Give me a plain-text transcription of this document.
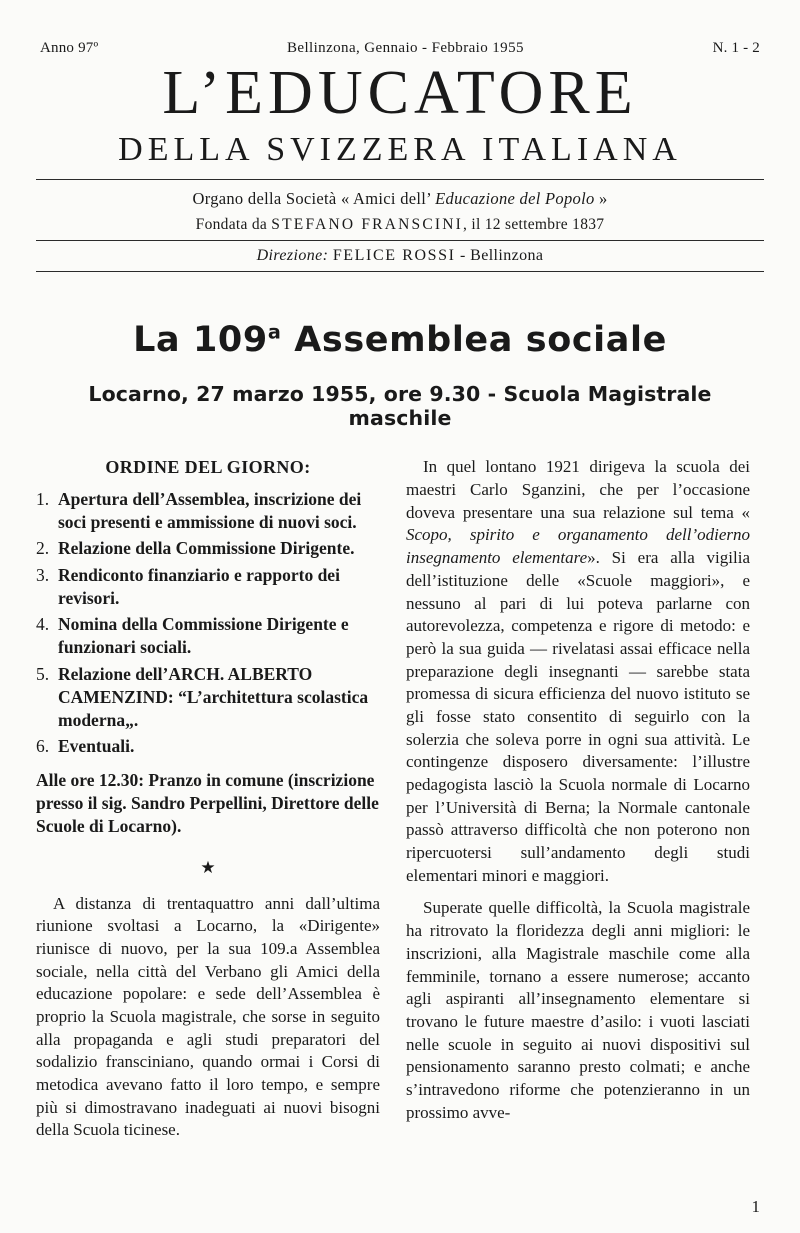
Anno 97º	Bellinzona, Gennaio - Febbraio 1955	N. 1 - 2
L’EDUCATORE
DELLA SVIZZERA ITALIANA
Organo della Società « Amici dell’ Educazione del Popolo »
Fondata da STEFANO FRANSCINI, il 12 settembre 1837
Direzione: FELICE ROSSI - Bellinzona
La 109$^a$ Assemblea sociale
Locarno, 27 marzo 1955, ore 9.30 - Scuola Magistrale maschile
ORDINE DEL GIORNO:
1. Apertura dell’Assemblea, inscrizione dei soci presenti e ammissione di nuovi soci.
2. Relazione della Commissione Dirigente.
3. Rendiconto finanziario e rapporto dei revisori.
4. Nomina della Commissione Dirigente e funzionari sociali.
5. Relazione dell’ARCH. ALBERTO CAMENZIND: “L’architettura scolastica moderna„.
6. Eventuali.
Alle ore 12.30: Pranzo in comune (inscrizione presso il sig. Sandro Perpellini, Direttore delle Scuole di Locarno).
★

A distanza di trentaquattro anni dall’ultima riunione svoltasi a Locarno, la «Dirigente» riunisce di nuovo, per la sua 109.a Assemblea sociale, nella città del Verbano gli Amici della educazione popolare: e sede dell’Assemblea è proprio la Scuola magistrale, che sorse in seguito alla propaganda e agli studi preparatori del sodalizio franscinianо, quando ormai i Corsi di metodica avevano fatto il loro tempo, e sempre più si dimostravano inadeguati ai nuovi bisogni della Scuola ticinese.

In quel lontano 1921 dirigeva la scuola dei maestri Carlo Sganzini, che per l’occasione doveva presentare una sua relazione sul tema « Scopo, spirito e organamento dell’odierno insegnamento elementare». Si era alla vigilia dell’istituzione delle «Scuole maggiori», e nessuno al pari di lui poteva parlarne con autorevolezza, competenza e rigore di metodo: e però la sua guida — rivelatasi assai efficace nella preparazione degli insegnanti — sarebbe stata promessa di sicura efficienza del nuovo istituto se gli fosse stato consentito di seguirlo con la solerzia che soleva porre in ogni sua attività. Le contingenze disposero diversamente: l’illustre pedagogista lasciò la Scuola normale di Locarno per l’Università di Berna; la Normale cantonale passò attraverso difficoltà che non poterono non ripercuotersi sull’andamento degli studi elementari minori e maggiori.

Superate quelle difficoltà, la Scuola magistrale ha ritrovato la floridezza degli anni migliori: le inscrizioni, alla Magistrale maschile come alla femminile, tornano a essere numerose; accanto agli aspiranti all’insegnamento elementare si trovano le future maestre d’asilo: i vuoti lasciati nelle scuole in seguito ai nuovi dispositivi sul pensionamento saranno presto colmati; e anche s’intravedono riforme che potenzieranno in un prossimo avve-

1
